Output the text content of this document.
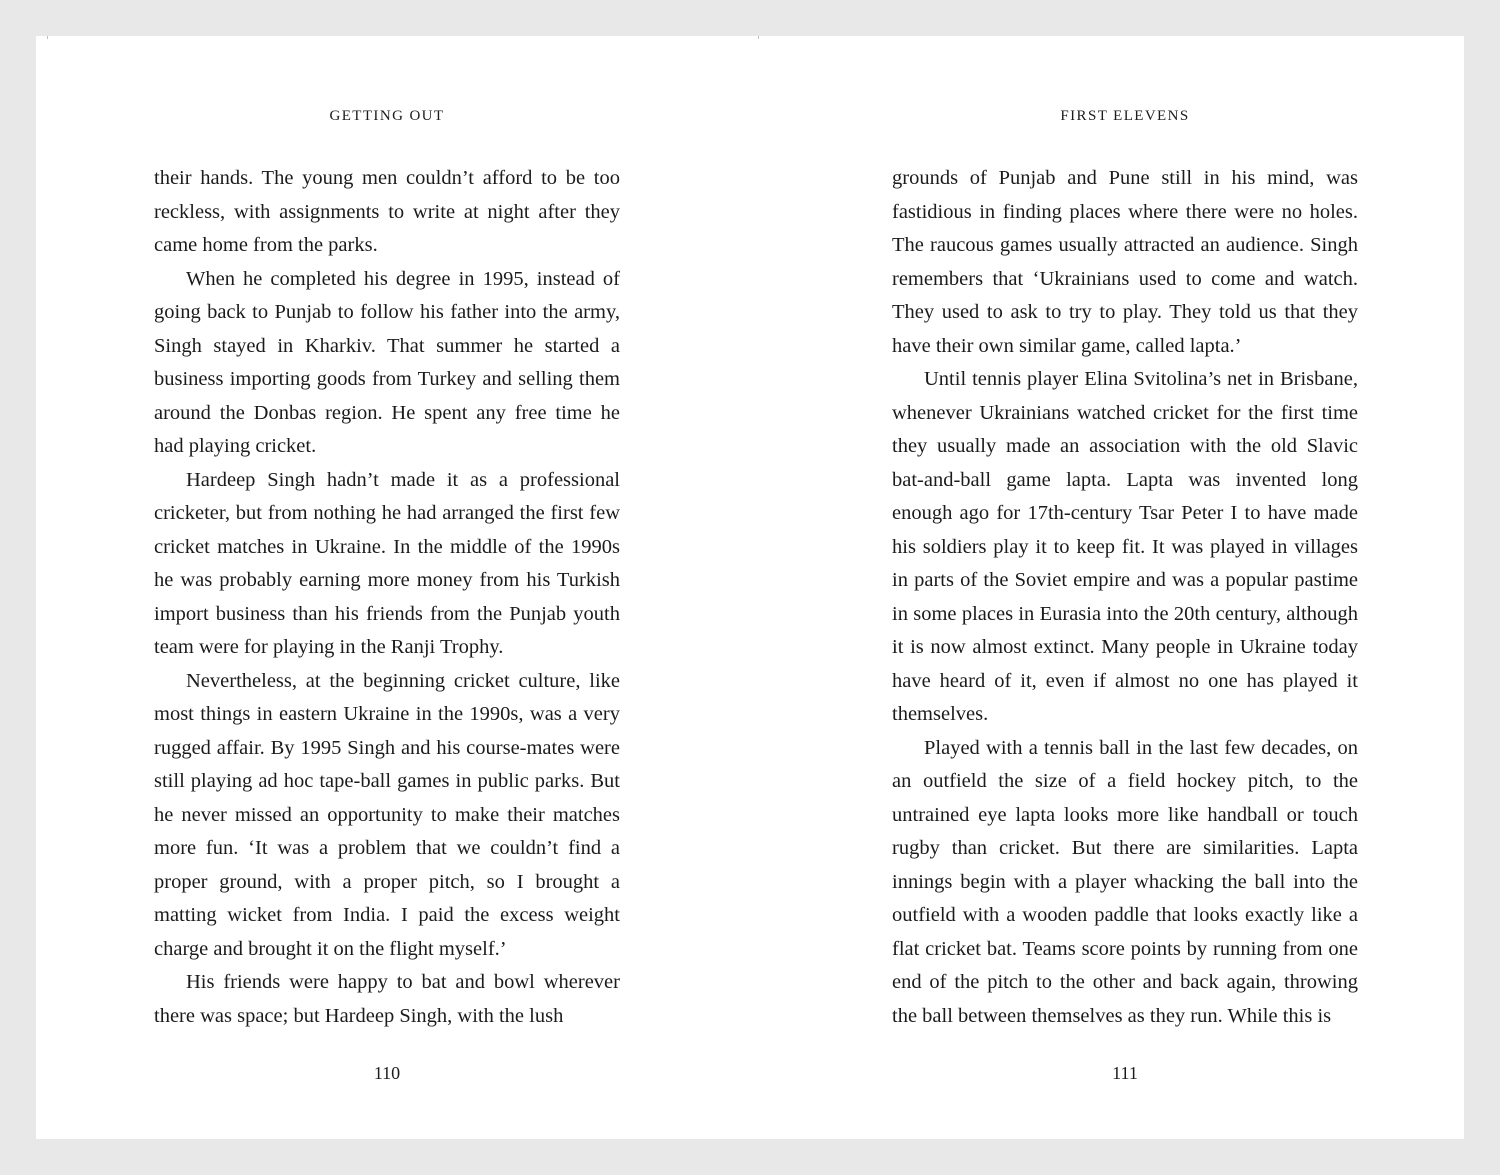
GETTING OUT

their hands. The young men couldn’t afford to be too reckless, with assignments to write at night after they came home from the parks.

When he completed his degree in 1995, instead of going back to Punjab to follow his father into the army, Singh stayed in Kharkiv. That summer he started a business importing goods from Turkey and selling them around the Donbas region. He spent any free time he had playing cricket.

Hardeep Singh hadn’t made it as a professional cricketer, but from nothing he had arranged the first few cricket matches in Ukraine. In the middle of the 1990s he was probably earning more money from his Turkish import business than his friends from the Punjab youth team were for playing in the Ranji Trophy.

Nevertheless, at the beginning cricket culture, like most things in eastern Ukraine in the 1990s, was a very rugged affair. By 1995 Singh and his course-mates were still playing ad hoc tape-ball games in public parks. But he never missed an opportunity to make their matches more fun. ‘It was a problem that we couldn’t find a proper ground, with a proper pitch, so I brought a matting wicket from India. I paid the excess weight charge and brought it on the flight myself.’

His friends were happy to bat and bowl wherever there was space; but Hardeep Singh, with the lush

110

FIRST ELEVENS

grounds of Punjab and Pune still in his mind, was fastidious in finding places where there were no holes. The raucous games usually attracted an audience. Singh remembers that ‘Ukrainians used to come and watch. They used to ask to try to play. They told us that they have their own similar game, called lapta.’

Until tennis player Elina Svitolina’s net in Brisbane, whenever Ukrainians watched cricket for the first time they usually made an association with the old Slavic bat-and-ball game lapta. Lapta was invented long enough ago for 17th-century Tsar Peter I to have made his soldiers play it to keep fit. It was played in villages in parts of the Soviet empire and was a popular pastime in some places in Eurasia into the 20th century, although it is now almost extinct. Many people in Ukraine today have heard of it, even if almost no one has played it themselves.

Played with a tennis ball in the last few decades, on an outfield the size of a field hockey pitch, to the untrained eye lapta looks more like handball or touch rugby than cricket. But there are similarities. Lapta innings begin with a player whacking the ball into the outfield with a wooden paddle that looks exactly like a flat cricket bat. Teams score points by running from one end of the pitch to the other and back again, throwing the ball between themselves as they run. While this is

111
